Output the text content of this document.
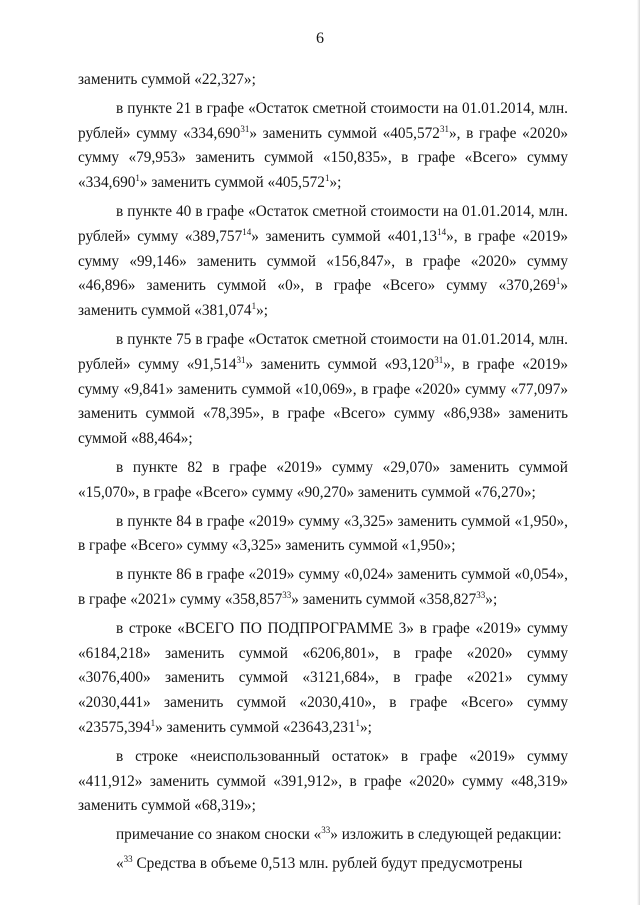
6

заменить суммой «22,327»;

в пункте 21 в графе «Остаток сметной стоимости на 01.01.2014, млн. рублей» сумму «334,690$^{31}$» заменить суммой «405,572$^{31}$», в графе «2020» сумму «79,953» заменить суммой «150,835», в графе «Всего» сумму «334,690$^1$» заменить суммой «405,572$^1$»;

в пункте 40 в графе «Остаток сметной стоимости на 01.01.2014, млн. рублей» сумму «389,757$^{14}$» заменить суммой «401,13$^{14}$», в графе «2019» сумму «99,146» заменить суммой «156,847», в графе «2020» сумму «46,896» заменить суммой «0», в графе «Всего» сумму «370,269$^1$» заменить суммой «381,074$^1$»;

в пункте 75 в графе «Остаток сметной стоимости на 01.01.2014, млн. рублей» сумму «91,514$^{31}$» заменить суммой «93,120$^{31}$», в графе «2019» сумму «9,841» заменить суммой «10,069», в графе «2020» сумму «77,097» заменить суммой «78,395», в графе «Всего» сумму «86,938» заменить суммой «88,464»;

в пункте 82 в графе «2019» сумму «29,070» заменить суммой «15,070», в графе «Всего» сумму «90,270» заменить суммой «76,270»;

в пункте 84 в графе «2019» сумму «3,325» заменить суммой «1,950», в графе «Всего» сумму «3,325» заменить суммой «1,950»;

в пункте 86 в графе «2019» сумму «0,024» заменить суммой «0,054», в графе «2021» сумму «358,857$^{33}$» заменить суммой «358,827$^{33}$»;

в строке «ВСЕГО ПО ПОДПРОГРАММЕ 3» в графе «2019» сумму «6184,218» заменить суммой «6206,801», в графе «2020» сумму «3076,400» заменить суммой «3121,684», в графе «2021» сумму «2030,441» заменить суммой «2030,410», в графе «Всего» сумму «23575,394$^1$» заменить суммой «23643,231$^1$»;

в строке «неиспользованный остаток» в графе «2019» сумму «411,912» заменить суммой «391,912», в графе «2020» сумму «48,319» заменить суммой «68,319»;

примечание со знаком сноски «$^{33}$» изложить в следующей редакции:

«$^{33}$ Средства в объеме 0,513 млн. рублей будут предусмотрены
